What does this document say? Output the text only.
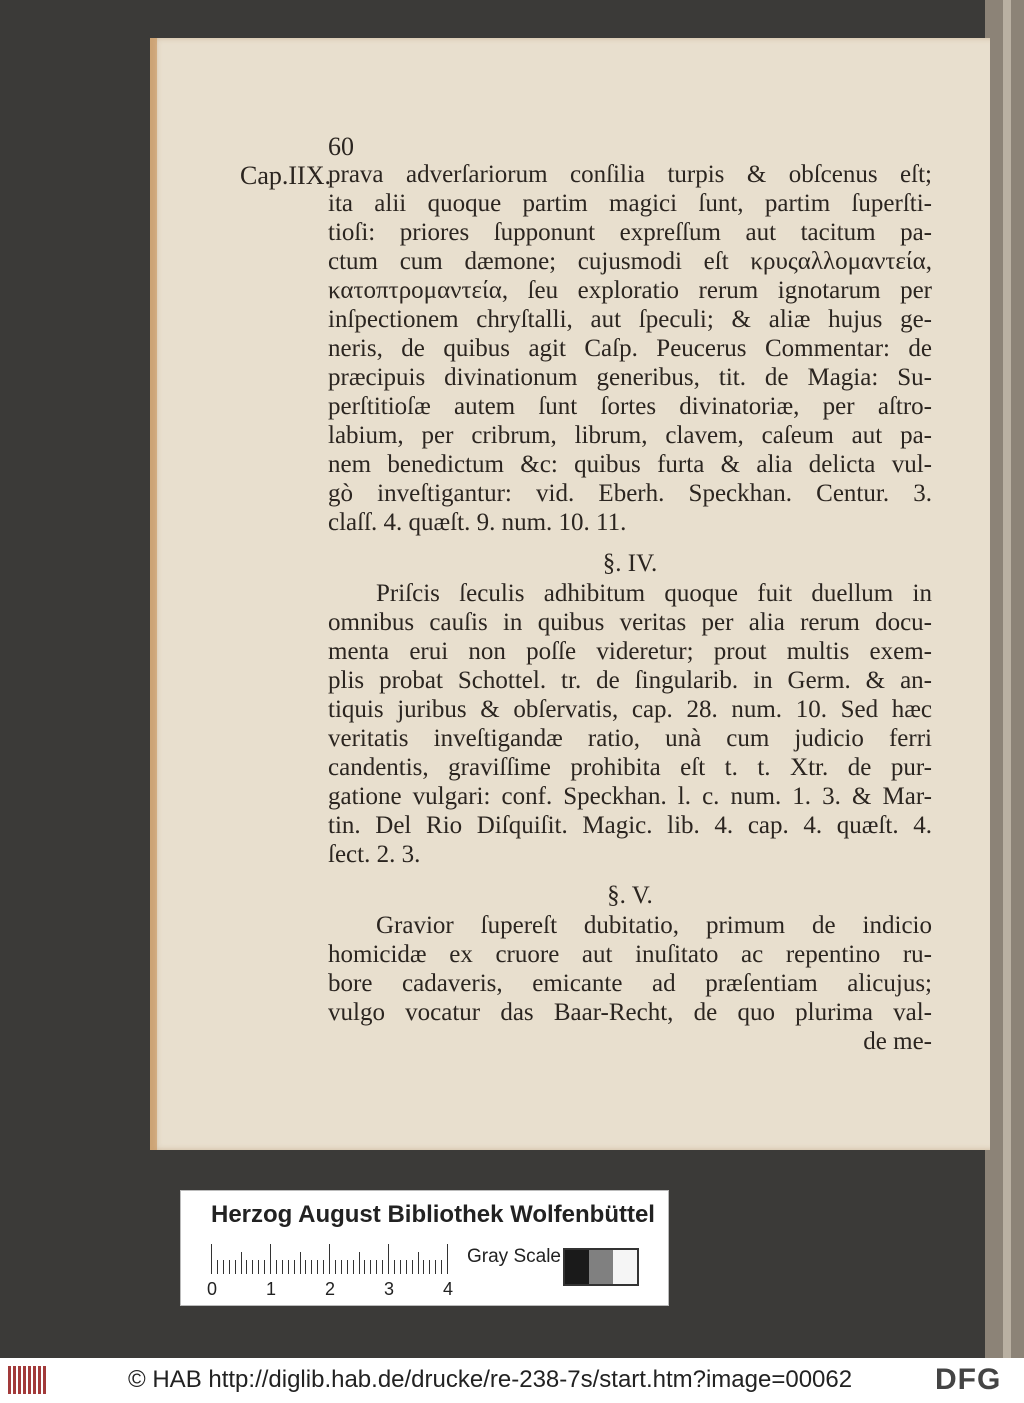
60
Cap.IIX.
prava adverſariorum conſilia turpis & obſcenus eſt;
ita alii quoque partim magici ſunt, partim ſuperſti-
tioſi: priores ſupponunt expreſſum aut tacitum pa-
ctum cum dæmone; cujusmodi eſt κρυςαλλομαντεία,
κατοπτρομαντεία, ſeu exploratio rerum ignotarum per
inſpectionem chryſtalli, aut ſpeculi; & aliæ hujus ge-
neris, de quibus agit Caſp. Peucerus Commentar: de
præcipuis divinationum generibus, tit. de Magia: Su-
perſtitioſæ autem ſunt ſortes divinatoriæ, per aſtro-
labium, per cribrum, librum, clavem, caſeum aut pa-
nem benedictum &c: quibus furta & alia delicta vul-
gò inveſtigantur: vid. Eberh. Speckhan. Centur. 3.
claſſ. 4. quæſt. 9. num. 10. 11.
§. IV.
Priſcis ſeculis adhibitum quoque fuit duellum in
omnibus cauſis in quibus veritas per alia rerum docu-
menta erui non poſſe videretur; prout multis exem-
plis probat Schottel. tr. de ſingularib. in Germ. & an-
tiquis juribus & obſervatis, cap. 28. num. 10. Sed hæc
veritatis inveſtigandæ ratio, unà cum judicio ferri
candentis, graviſſime prohibita eſt t. t. Xtr. de pur-
gatione vulgari: conf. Speckhan. l. c. num. 1. 3. & Mar-
tin. Del Rio Diſquiſit. Magic. lib. 4. cap. 4. quæſt. 4.
ſect. 2. 3.
§. V.
Gravior ſupereſt dubitatio, primum de indicio
homicidæ ex cruore aut inuſitato ac repentino ru-
bore cadaveris, emicante ad præſentiam alicujus;
vulgo vocatur das Baar-Recht, de quo plurima val-
de me-
Herzog August Bibliothek Wolfenbüttel
0	1	2	3	4
Gray Scale
© HAB http://diglib.hab.de/drucke/re-238-7s/start.htm?image=00062	DFG
